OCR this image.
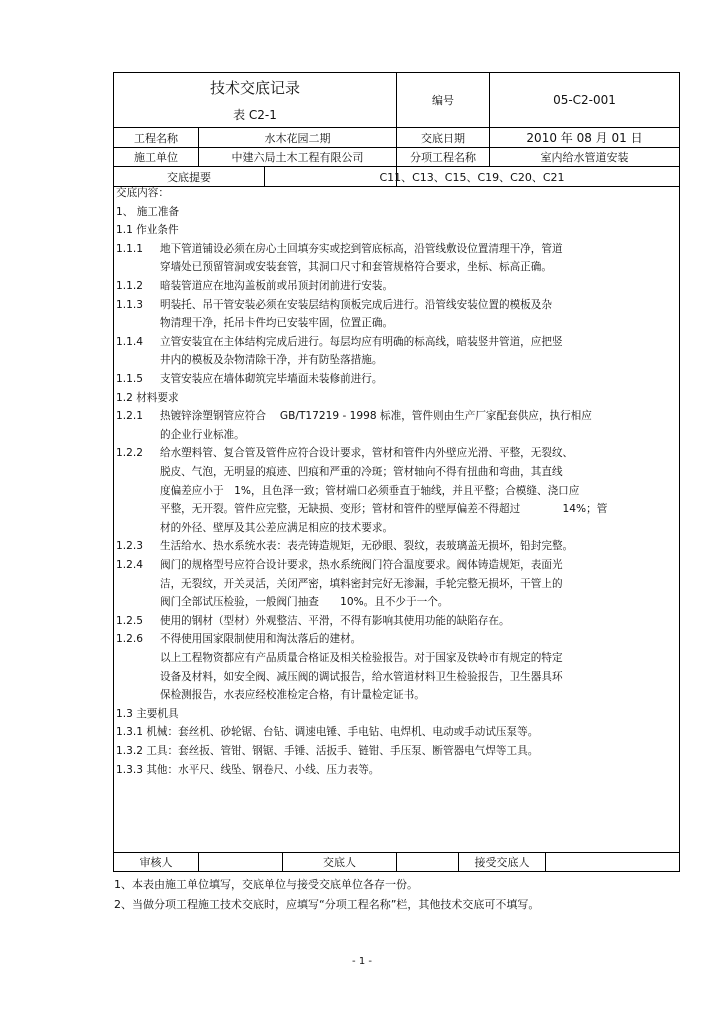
技术交底记录
表 C2-1
编号	05-C2-001
工程名称	水木花园二期	交底日期	2010 年 08 月 01 日
施工单位	中建六局土木工程有限公司	分项工程名称	室内给水管道安装
交底提要	C11、C13、C15、C19、C20、C21
交底内容：
1、 施工准备
1.1 作业条件
1.1.1 地下管道铺设必须在房心土回填夯实或挖到管底标高，沿管线敷设位置清理干净，管道
穿墙处已预留管洞或安装套管，其洞口尺寸和套管规格符合要求，坐标、标高正确。
1.1.2 暗装管道应在地沟盖板前或吊顶封闭前进行安装。
1.1.3 明装托、吊干管安装必须在安装层结构顶板完成后进行。沿管线安装位置的模板及杂
物清理干净，托吊卡件均已安装牢固，位置正确。
1.1.4 立管安装宜在主体结构完成后进行。每层均应有明确的标高线，暗装竖井管道，应把竖
井内的模板及杂物清除干净，并有防坠落措施。
1.1.5 支管安装应在墙体砌筑完毕墙面未装修前进行。
1.2 材料要求
1.2.1 热镀锌涂塑钢管应符合　 GB/T17219 - 1998 标准，管件则由生产厂家配套供应，执行相应
的企业行业标准。
1.2.2 给水塑料管、复合管及管件应符合设计要求，管材和管件内外壁应光滑、平整，无裂纹、
脱皮、气泡，无明显的痕迹、凹痕和严重的冷斑；管材轴向不得有扭曲和弯曲，其直线
度偏差应小于　1%，且色泽一致；管材端口必须垂直于轴线，并且平整；合模缝、浇口应
平整，无开裂。管件应完整，无缺损、变形；管材和管件的壁厚偏差不得超过　　　　14%；管
材的外径、壁厚及其公差应满足相应的技术要求。
1.2.3 生活给水、热水系统水表：表壳铸造规矩，无砂眼、裂纹，表玻璃盖无损坏，铅封完整。
1.2.4 阀门的规格型号应符合设计要求，热水系统阀门符合温度要求。阀体铸造规矩，表面光
洁，无裂纹，开关灵活，关闭严密，填料密封完好无渗漏，手轮完整无损坏，干管上的
阀门全部试压检验，一般阀门抽查　　10%。且不少于一个。
1.2.5 使用的钢材（型材）外观整洁、平滑，不得有影响其使用功能的缺陷存在。
1.2.6 不得使用国家限制使用和淘汰落后的建材。
以上工程物资都应有产品质量合格证及相关检验报告。对于国家及铁岭市有规定的特定
设备及材料，如安全阀、减压阀的调试报告，给水管道材料卫生检验报告，卫生器具环
保检测报告，水表应经校准检定合格，有计量检定证书。
1.3 主要机具
1.3.1 机械：套丝机、砂轮锯、台钻、调速电锤、手电钻、电焊机、电动或手动试压泵等。
1.3.2 工具：套丝扳、管钳、钢锯、手锤、活扳手、链钳、手压泵、断管器电气焊等工具。
1.3.3 其他：水平尺、线坠、钢卷尺、小线、压力表等。
审核人	交底人	接受交底人
1、本表由施工单位填写，交底单位与接受交底单位各存一份。
2、当做分项工程施工技术交底时，应填写“分项工程名称”栏，其他技术交底可不填写。
- 1 -
